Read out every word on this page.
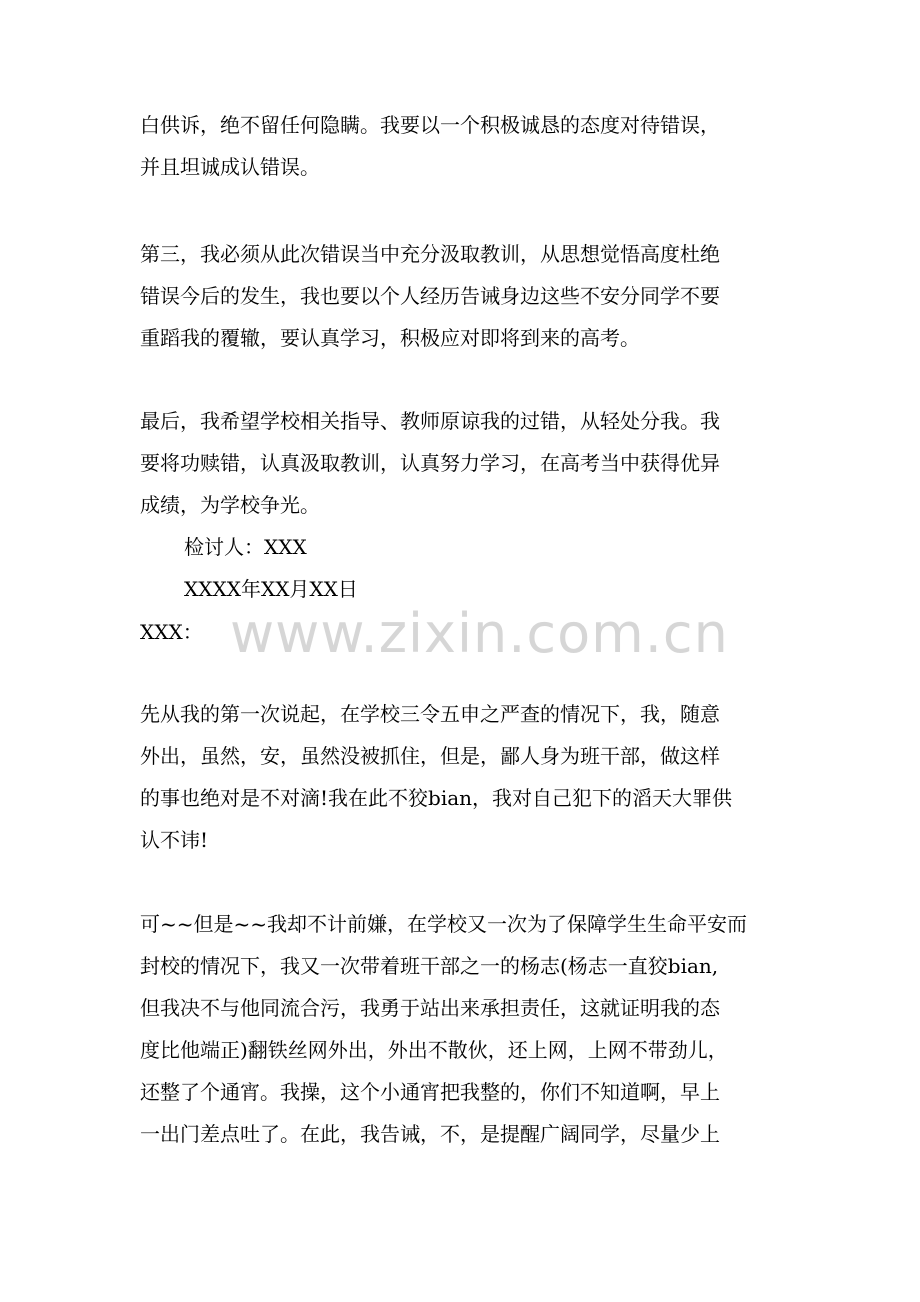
白供诉，绝不留任何隐瞒。我要以一个积极诚恳的态度对待错误，
并且坦诚成认错误。
第三，我必须从此次错误当中充分汲取教训，从思想觉悟高度杜绝
错误今后的发生，我也要以个人经历告诫身边这些不安分同学不要
重蹈我的覆辙，要认真学习，积极应对即将到来的高考。
最后，我希望学校相关指导、教师原谅我的过错，从轻处分我。我
要将功赎错，认真汲取教训，认真努力学习，在高考当中获得优异
成绩，为学校争光。
检讨人：XXX
XXXX年XX月XX日
XXX：
先从我的第一次说起，在学校三令五申之严查的情况下，我，随意
外出，虽然，安，虽然没被抓住，但是，鄙人身为班干部，做这样
的事也绝对是不对滴!我在此不狡bian，我对自己犯下的滔天大罪供
认不讳!
可~~但是~~我却不计前嫌，在学校又一次为了保障学生生命平安而
封校的情况下，我又一次带着班干部之一的杨志(杨志一直狡bian,
但我决不与他同流合污，我勇于站出来承担责任，这就证明我的态
度比他端正)翻铁丝网外出，外出不散伙，还上网，上网不带劲儿，
还整了个通宵。我操，这个小通宵把我整的，你们不知道啊，早上
一出门差点吐了。在此，我告诫，不，是提醒广阔同学，尽量少上
www.zixin.com.cn
